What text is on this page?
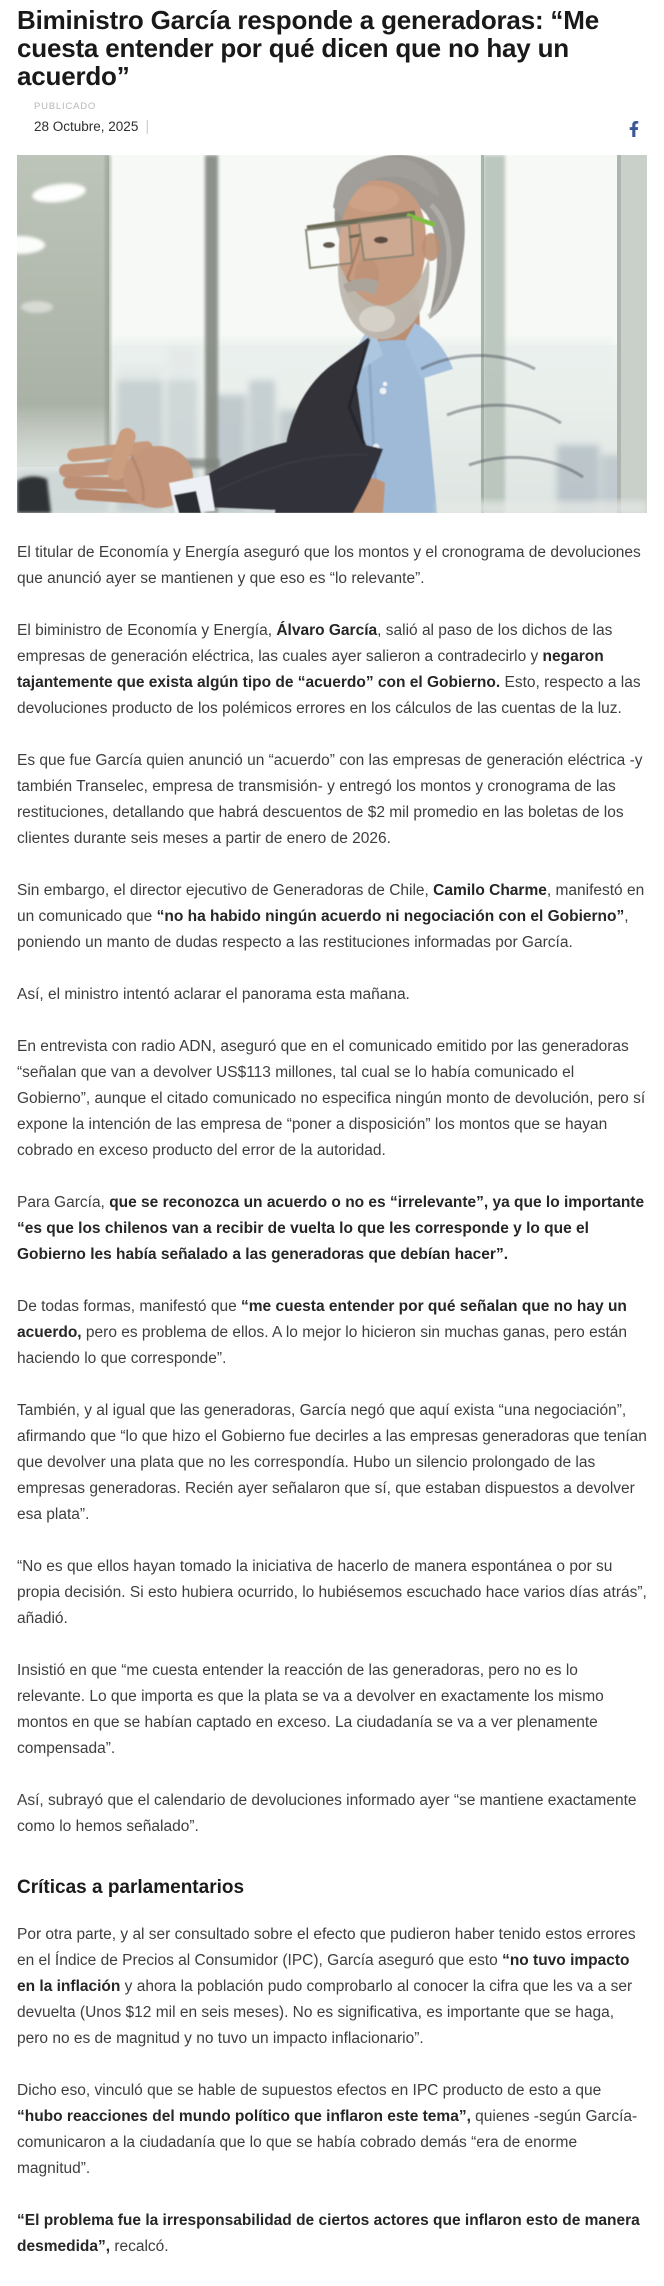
Biministro García responde a generadoras: “Me cuesta entender por qué dicen que no hay un acuerdo”
PUBLICADO
28 Octubre, 2025 |

El titular de Economía y Energía aseguró que los montos y el cronograma de devoluciones que anunció ayer se mantienen y que eso es “lo relevante”.

El biministro de Economía y Energía, Álvaro García, salió al paso de los dichos de las empresas de generación eléctrica, las cuales ayer salieron a contradecirlo y negaron tajantemente que exista algún tipo de “acuerdo” con el Gobierno. Esto, respecto a las devoluciones producto de los polémicos errores en los cálculos de las cuentas de la luz.

Es que fue García quien anunció un “acuerdo” con las empresas de generación eléctrica -y también Transelec, empresa de transmisión- y entregó los montos y cronograma de las restituciones, detallando que habrá descuentos de $2 mil promedio en las boletas de los clientes durante seis meses a partir de enero de 2026.

Sin embargo, el director ejecutivo de Generadoras de Chile, Camilo Charme, manifestó en un comunicado que “no ha habido ningún acuerdo ni negociación con el Gobierno”, poniendo un manto de dudas respecto a las restituciones informadas por García.

Así, el ministro intentó aclarar el panorama esta mañana.

En entrevista con radio ADN, aseguró que en el comunicado emitido por las generadoras “señalan que van a devolver US$113 millones, tal cual se lo había comunicado el Gobierno”, aunque el citado comunicado no especifica ningún monto de devolución, pero sí expone la intención de las empresa de “poner a disposición” los montos que se hayan cobrado en exceso producto del error de la autoridad.

Para García, que se reconozca un acuerdo o no es “irrelevante”, ya que lo importante “es que los chilenos van a recibir de vuelta lo que les corresponde y lo que el Gobierno les había señalado a las generadoras que debían hacer”.

De todas formas, manifestó que “me cuesta entender por qué señalan que no hay un acuerdo, pero es problema de ellos. A lo mejor lo hicieron sin muchas ganas, pero están haciendo lo que corresponde”.

También, y al igual que las generadoras, García negó que aquí exista “una negociación”, afirmando que “lo que hizo el Gobierno fue decirles a las empresas generadoras que tenían que devolver una plata que no les correspondía. Hubo un silencio prolongado de las empresas generadoras. Recién ayer señalaron que sí, que estaban dispuestos a devolver esa plata”.

“No es que ellos hayan tomado la iniciativa de hacerlo de manera espontánea o por su propia decisión. Si esto hubiera ocurrido, lo hubiésemos escuchado hace varios días atrás”, añadió.

Insistió en que “me cuesta entender la reacción de las generadoras, pero no es lo relevante. Lo que importa es que la plata se va a devolver en exactamente los mismo montos en que se habían captado en exceso. La ciudadanía se va a ver plenamente compensada”.

Así, subrayó que el calendario de devoluciones informado ayer “se mantiene exactamente como lo hemos señalado”.

Críticas a parlamentarios

Por otra parte, y al ser consultado sobre el efecto que pudieron haber tenido estos errores en el Índice de Precios al Consumidor (IPC), García aseguró que esto “no tuvo impacto en la inflación y ahora la población pudo comprobarlo al conocer la cifra que les va a ser devuelta (Unos $12 mil en seis meses). No es significativa, es importante que se haga, pero no es de magnitud y no tuvo un impacto inflacionario”.

Dicho eso, vinculó que se hable de supuestos efectos en IPC producto de esto a que “hubo reacciones del mundo político que inflaron este tema”, quienes -según García- comunicaron a la ciudadanía que lo que se había cobrado demás “era de enorme magnitud”.

“El problema fue la irresponsabilidad de ciertos actores que inflaron esto de manera desmedida”, recalcó.
